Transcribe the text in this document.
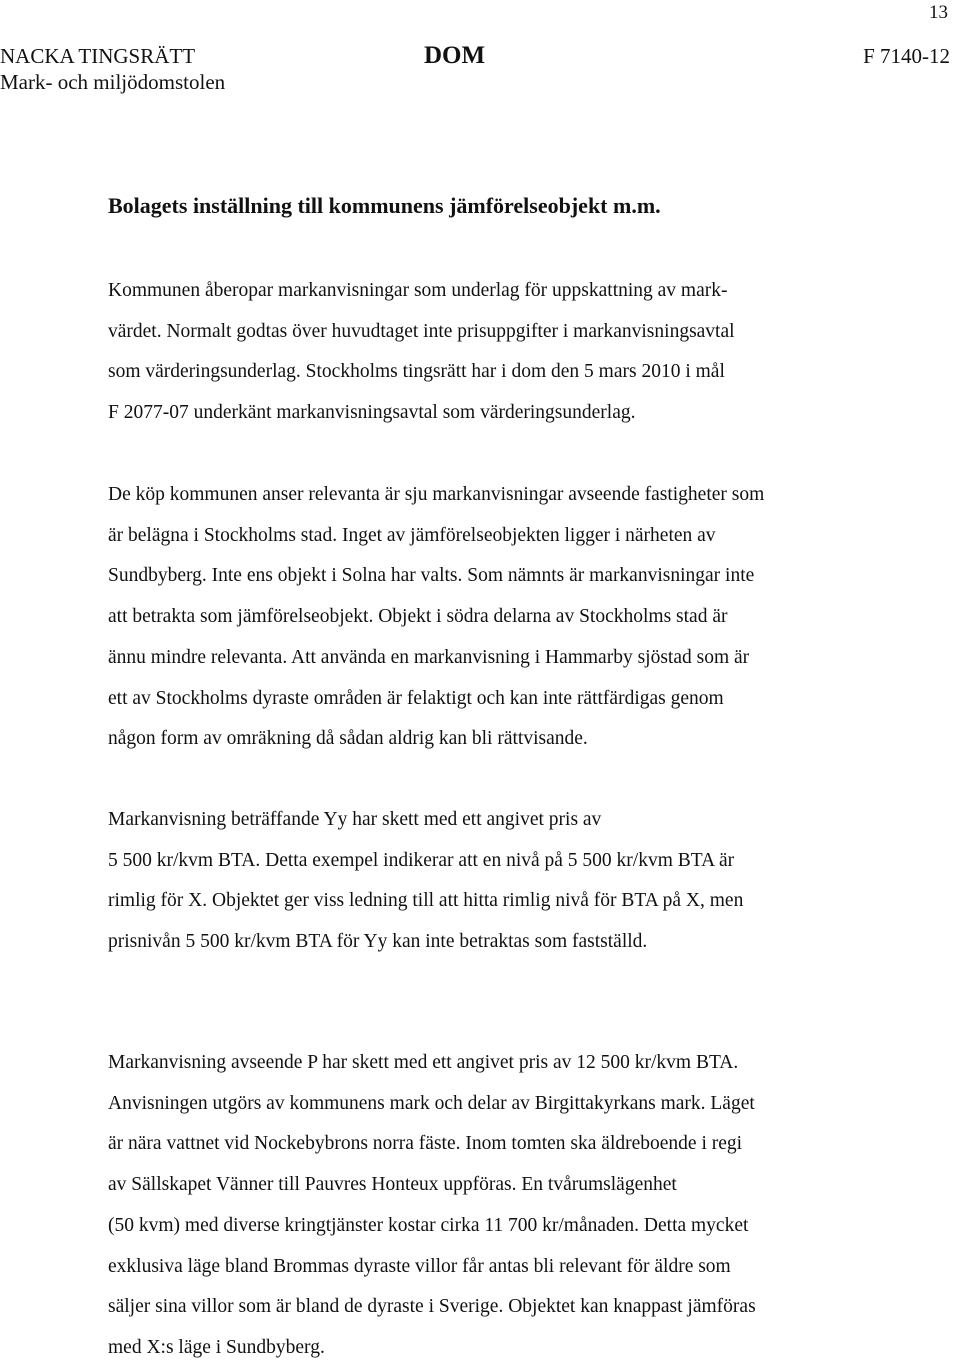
13
NACKA TINGSRÄTT
Mark- och miljödomstolen
DOM	F 7140-12
Bolagets inställning till kommunens jämförelseobjekt m.m.

Kommunen åberopar markanvisningar som underlag för uppskattning av mark-
värdet. Normalt godtas över huvudtaget inte prisuppgifter i markanvisningsavtal
som värderingsunderlag. Stockholms tingsrätt har i dom den 5 mars 2010 i mål
F 2077-07 underkänt markanvisningsavtal som värderingsunderlag.

De köp kommunen anser relevanta är sju markanvisningar avseende fastigheter som
är belägna i Stockholms stad. Inget av jämförelseobjekten ligger i närheten av
Sundbyberg. Inte ens objekt i Solna har valts. Som nämnts är markanvisningar inte
att betrakta som jämförelseobjekt. Objekt i södra delarna av Stockholms stad är
ännu mindre relevanta. Att använda en markanvisning i Hammarby sjöstad som är
ett av Stockholms dyraste områden är felaktigt och kan inte rättfärdigas genom
någon form av omräkning då sådan aldrig kan bli rättvisande.

Markanvisning beträffande Yy har skett med ett angivet pris av
5 500 kr/kvm BTA. Detta exempel indikerar att en nivå på 5 500 kr/kvm BTA är
rimlig för X. Objektet ger viss ledning till att hitta rimlig nivå för BTA på X, men
prisnivån 5 500 kr/kvm BTA för Yy kan inte betraktas som fastställd.

Markanvisning avseende P har skett med ett angivet pris av 12 500 kr/kvm BTA.
Anvisningen utgörs av kommunens mark och delar av Birgittakyrkans mark. Läget
är nära vattnet vid Nockebybrons norra fäste. Inom tomten ska äldreboende i regi
av Sällskapet Vänner till Pauvres Honteux uppföras. En tvårumslägenhet
(50 kvm) med diverse kringtjänster kostar cirka 11 700 kr/månaden. Detta mycket
exklusiva läge bland Brommas dyraste villor får antas bli relevant för äldre som
säljer sina villor som är bland de dyraste i Sverige. Objektet kan knappast jämföras
med X:s läge i Sundbyberg.
